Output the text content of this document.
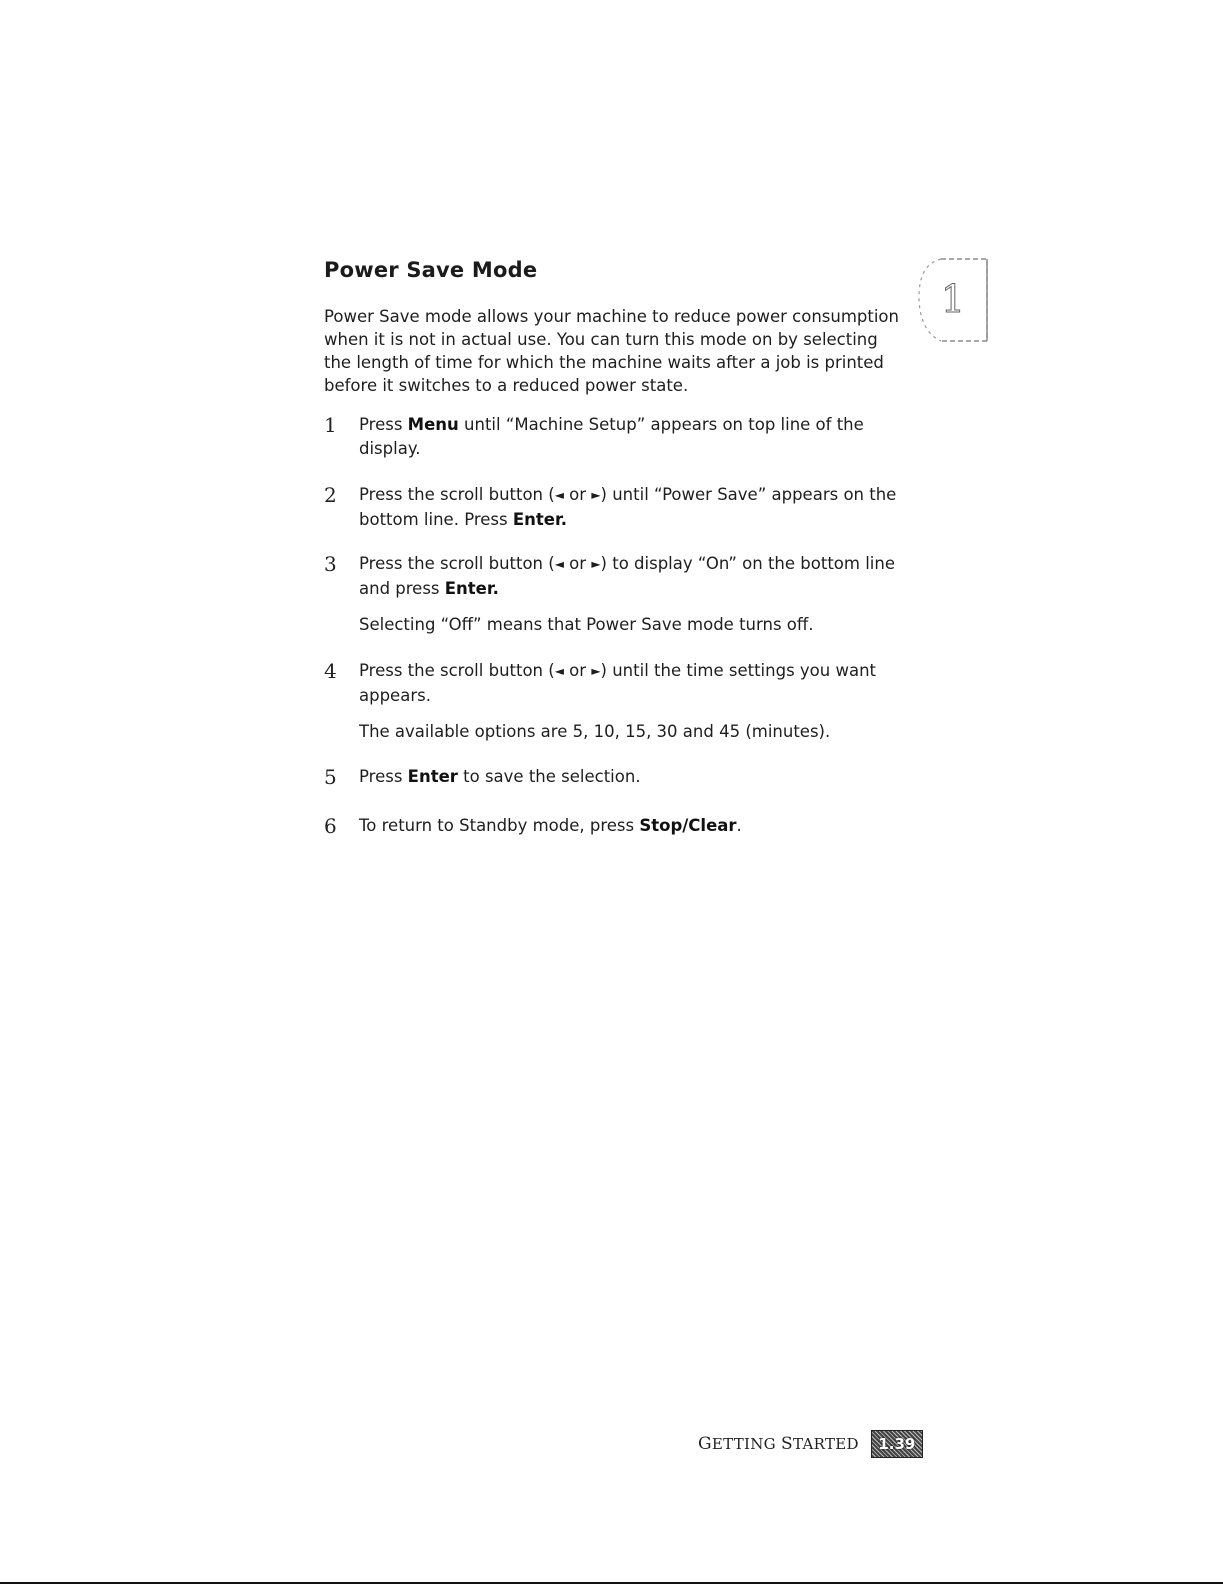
Power Save Mode

Power Save mode allows your machine to reduce power consumption when it is not in actual use. You can turn this mode on by selecting the length of time for which the machine waits after a job is printed before it switches to a reduced power state.

1
1 Press Menu until “Machine Setup” appears on top line of the display.
2 Press the scroll button (◄ or ►) until “Power Save” appears on the bottom line. Press Enter.
3 Press the scroll button (◄ or ►) to display “On” on the bottom line and press Enter.
Selecting “Off” means that Power Save mode turns off.
4 Press the scroll button (◄ or ►) until the time settings you want appears.
The available options are 5, 10, 15, 30 and 45 (minutes).
5 Press Enter to save the selection.
6 To return to Standby mode, press Stop/Clear.
GETTING STARTED	1.39
